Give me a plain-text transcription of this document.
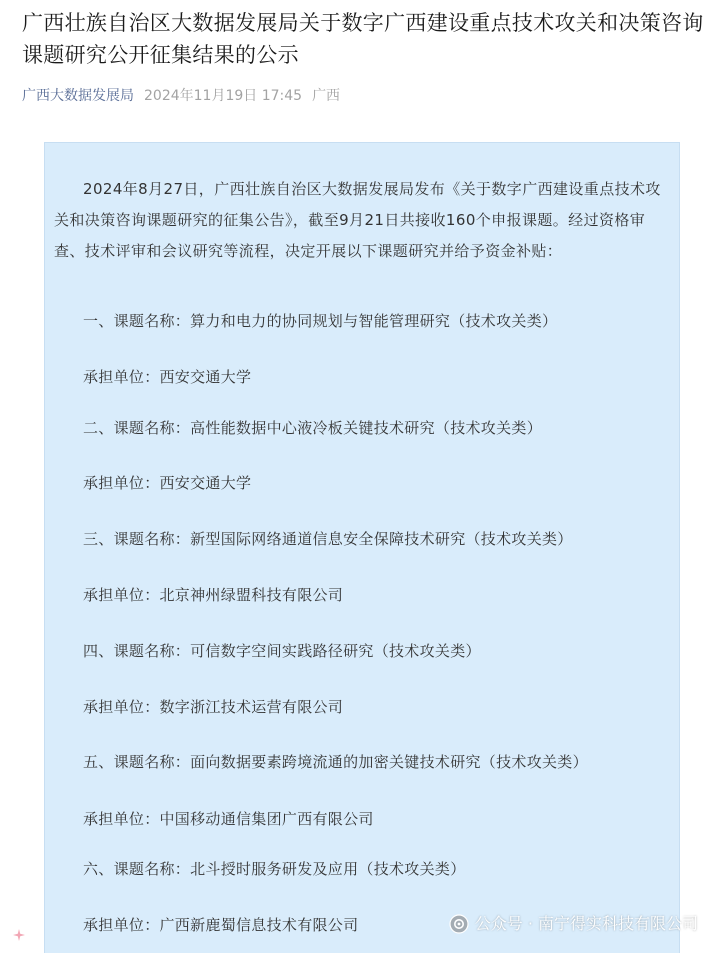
广西壮族自治区大数据发展局关于数字广西建设重点技术攻关和决策咨询课题研究公开征集结果的公示
广西大数据发展局 2024年11月19日 17:45 广西

2024年8月27日，广西壮族自治区大数据发展局发布《关于数字广西建设重点技术攻关和决策咨询课题研究的征集公告》，截至9月21日共接收160个申报课题。经过资格审查、技术评审和会议研究等流程，决定开展以下课题研究并给予资金补贴：

一、课题名称：算力和电力的协同规划与智能管理研究（技术攻关类）

承担单位：西安交通大学

二、课题名称：高性能数据中心液冷板关键技术研究（技术攻关类）

承担单位：西安交通大学

三、课题名称：新型国际网络通道信息安全保障技术研究（技术攻关类）

承担单位：北京神州绿盟科技有限公司

四、课题名称：可信数字空间实践路径研究（技术攻关类）

承担单位：数字浙江技术运营有限公司

五、课题名称：面向数据要素跨境流通的加密关键技术研究（技术攻关类）

承担单位：中国移动通信集团广西有限公司

六、课题名称：北斗授时服务研发及应用（技术攻关类）

承担单位：广西新鹿蜀信息技术有限公司	公众号 · 南宁得实科技有限公司
